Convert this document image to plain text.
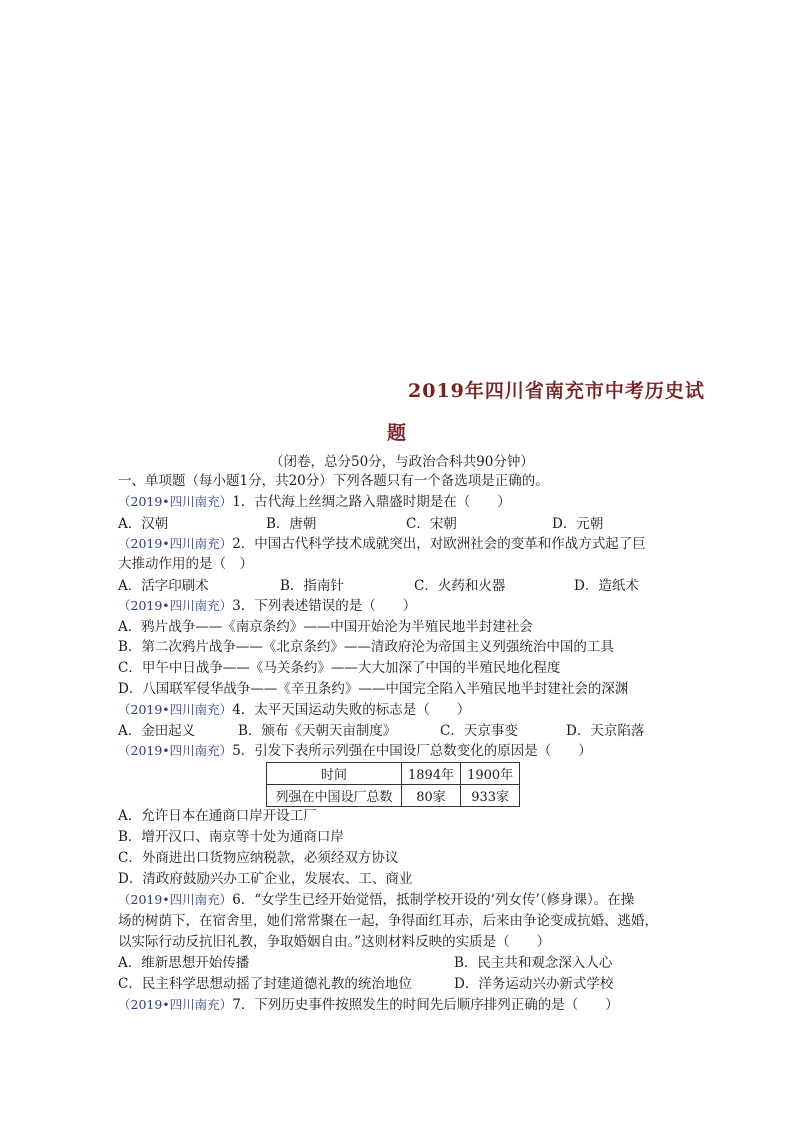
2019年四川省南充市中考历史试
题
（闭卷，总分50分，与政治合科共90分钟）
一、单项题（每小题1分，共20分）下列各题只有一个备选项是正确的。
（2019•四川南充）1．古代海上丝绸之路入鼎盛时期是在（　　）
A．汉朝	B．唐朝	C．宋朝	D．元朝
（2019•四川南充）2．中国古代科学技术成就突出，对欧洲社会的变革和作战方式起了巨
大推动作用的是（　）
A．活字印刷术	B．指南针	C．火药和火器	D．造纸术
（2019•四川南充）3．下列表述错误的是（　　）
A．鸦片战争——《南京条约》——中国开始沦为半殖民地半封建社会
B．第二次鸦片战争——《北京条约》——清政府沦为帝国主义列强统治中国的工具
C．甲午中日战争——《马关条约》——大大加深了中国的半殖民地化程度
D．八国联军侵华战争——《辛丑条约》——中国完全陷入半殖民地半封建社会的深渊
（2019•四川南充）4．太平天国运动失败的标志是（　　）
A．金田起义	B．颁布《天朝天亩制度》	C．天京事变	D．天京陷落
（2019•四川南充）5．引发下表所示列强在中国设厂总数变化的原因是（　　）
时间	1894年	1900年
列强在中国设厂总数	80家	933家
A．允许日本在通商口岸开设工厂
B．增开汉口、南京等十处为通商口岸
C．外商进出口货物应纳税款，必须经双方协议
D．清政府鼓励兴办工矿企业，发展农、工、商业
（2019•四川南充）6．“女学生已经开始觉悟，抵制学校开设的‘列女传’（修身课）。在操
场的树荫下，在宿舍里，她们常常聚在一起，争得面红耳赤，后来由争论变成抗婚、逃婚，
以实际行动反抗旧礼教，争取婚姻自由。”这则材料反映的实质是（　　）
A．维新思想开始传播	B．民主共和观念深入人心
C．民主科学思想动摇了封建道德礼教的统治地位	D．洋务运动兴办新式学校
（2019•四川南充）7．下列历史事件按照发生的时间先后顺序排列正确的是（　　）
